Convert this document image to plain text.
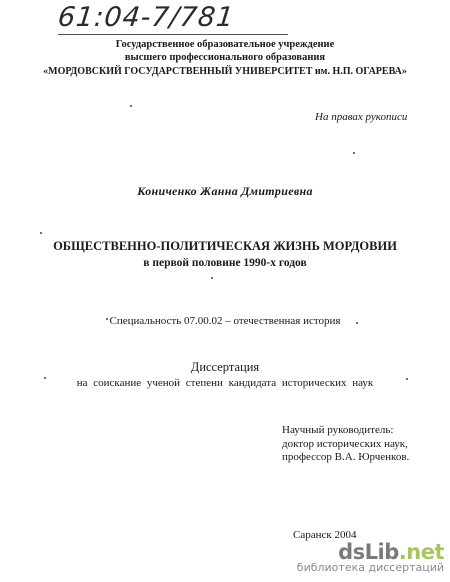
61:04-7/781
Государственное образовательное учреждение
высшего профессионального образования
«МОРДОВСКИЙ ГОСУДАРСТВЕННЫЙ УНИВЕРСИТЕТ им. Н.П. ОГАРЕВА»
На правах рукописи
Коничeнко Жанна Дмитриевна
ОБЩЕСТВЕННО-ПОЛИТИЧЕСКАЯ ЖИЗНЬ МОРДОВИИ
в первой половине 1990-х годов
Специальность 07.00.02 – отечественная история
Диссертация
на соискание ученой степени кандидата исторических наук
Научный руководитель:
доктор исторических наук,
профессор В.А. Юрченков.
Саранск 2004
dsLib.net
библиотека диссертаций
